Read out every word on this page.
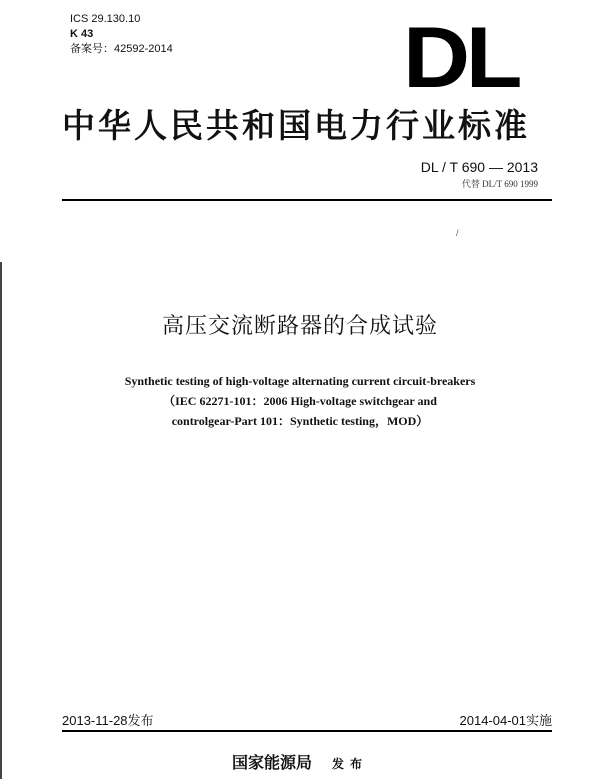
ICS 29.130.10
K 43
备案号：42592-2014	DL
中华人民共和国电力行业标准
DL / T 690 — 2013
代替 DL/T 690 1999
/
高压交流断路器的合成试验
Synthetic testing of high-voltage alternating current circuit-breakers
（IEC 62271-101：2006 High-voltage switchgear and
controlgear-Part 101：Synthetic testing，MOD）
2013-11-28发布	2014-04-01实施
国家能源局 发布
